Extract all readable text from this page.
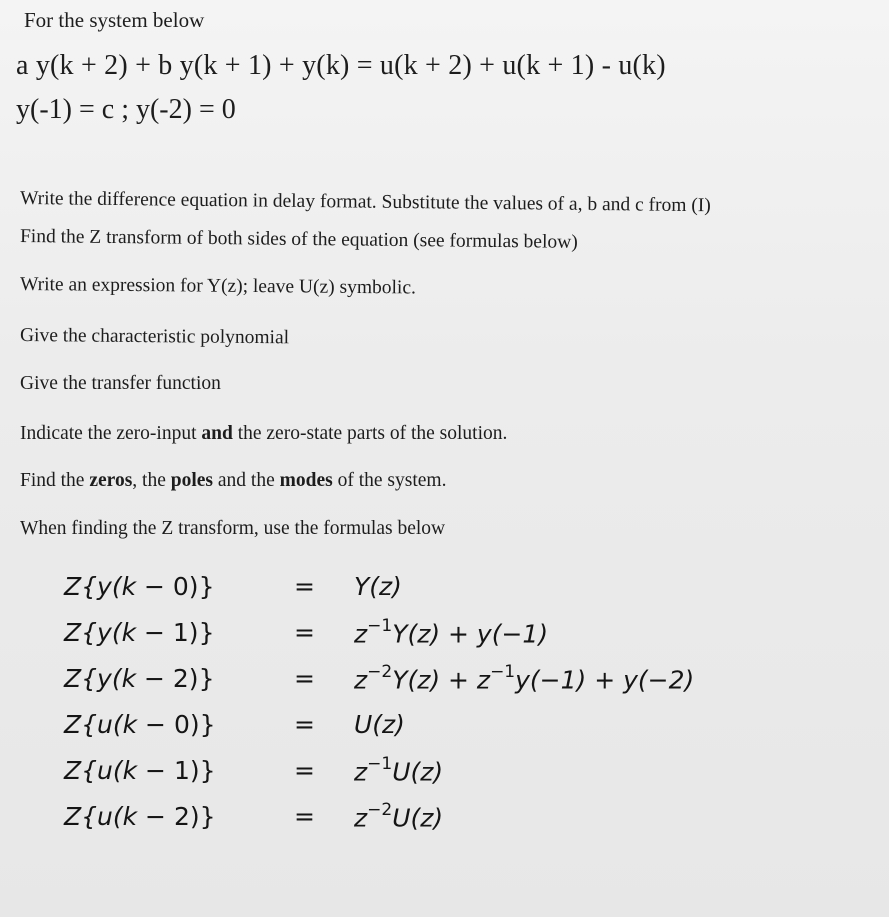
For the system below
a y(k + 2) + b y(k + 1) + y(k) = u(k + 2) + u(k + 1) - u(k)
y(-1) = c ; y(-2) = 0
Write the difference equation in delay format. Substitute the values of a, b and c from (I)
Find the Z transform of both sides of the equation (see formulas below)
Write an expression for Y(z); leave U(z) symbolic.
Give the characteristic polynomial
Give the transfer function
Indicate the zero-input and the zero-state parts of the solution.
Find the zeros, the poles and the modes of the system.
When finding the Z transform, use the formulas below
Z{y(k − 0)}	= Y(z)
Z{y(k − 1)}	= $z^{-1}Y(z) + y(-1)$
Z{y(k − 2)}	= $z^{-2}Y(z) + z^{-1}y(-1) + y(-2)$
Z{u(k − 0)}	= U(z)
Z{u(k − 1)}	= $z^{-1}U(z)$
Z{u(k − 2)}	= $z^{-2}U(z)$
